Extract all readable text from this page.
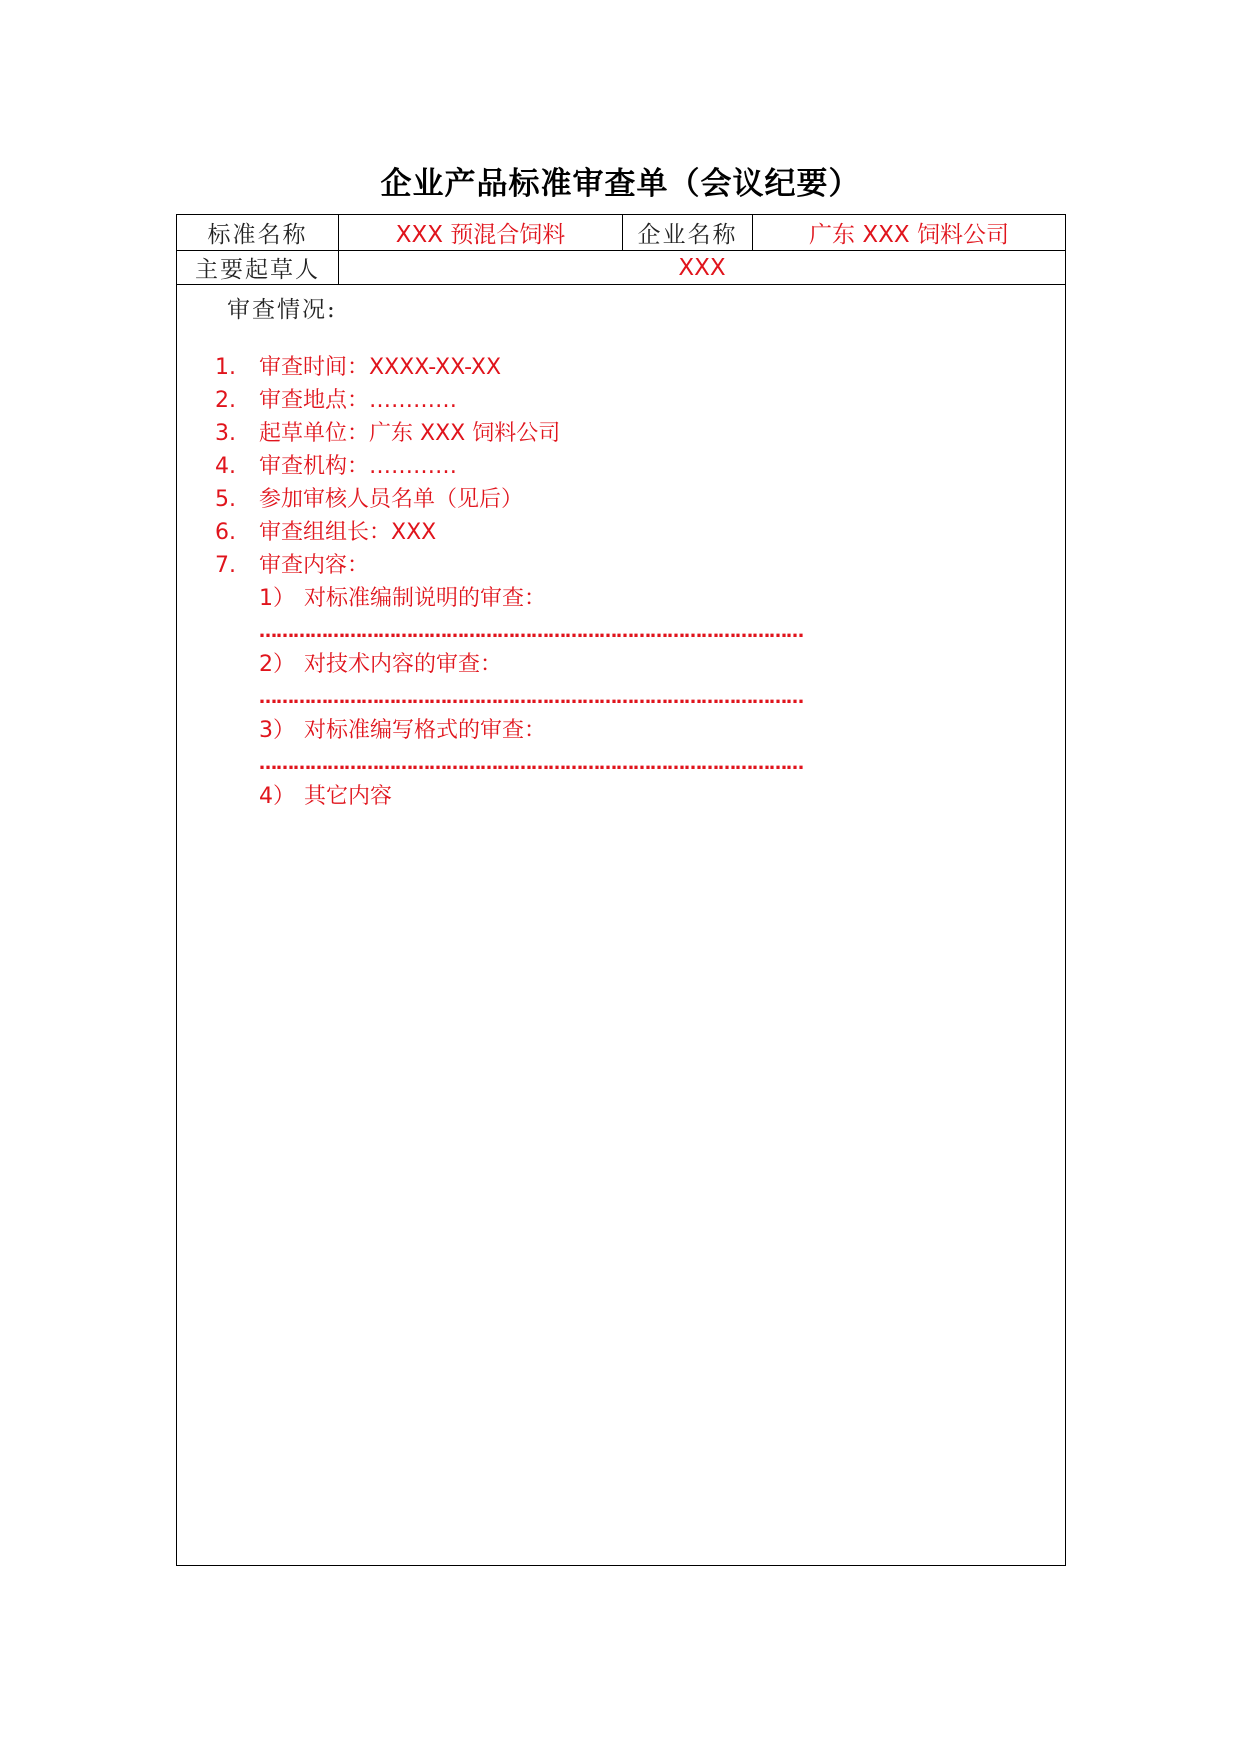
企业产品标准审查单（会议纪要）
标准名称	XXX 预混合饲料	企业名称	广东 XXX 饲料公司
主要起草人	XXX
审查情况:
1. 审查时间：XXXX-XX-XX
2. 审查地点：…………
3. 起草单位：广东 XXX 饲料公司
4. 审查机构：…………
5. 参加审核人员名单（见后）
6. 审查组组长：XXX
7. 审查内容：
1） 对标准编制说明的审查：
……………………………………………………………………………………
2） 对技术内容的审查：
……………………………………………………………………………………
3） 对标准编写格式的审查：
……………………………………………………………………………………
4） 其它内容
